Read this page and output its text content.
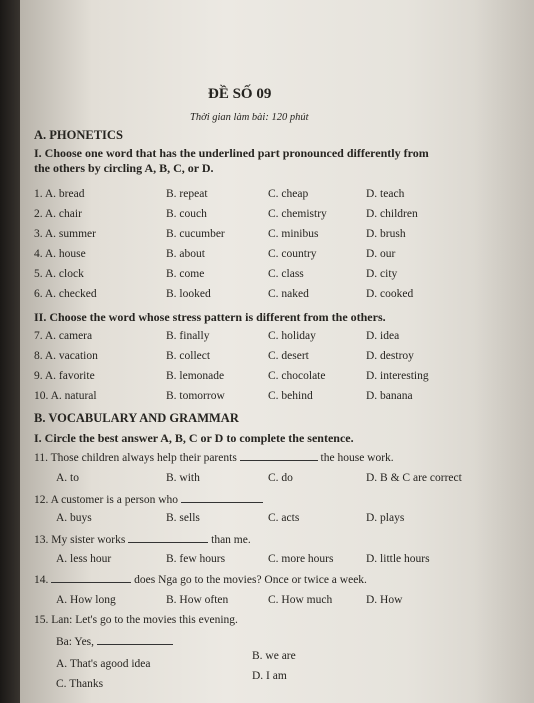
ĐỀ SỐ 09
Thời gian làm bài: 120 phút
A. PHONETICS
I. Choose one word that has the underlined part pronounced differently from
the others by circling A, B, C, or D.
1. A. bread	B. repeat	C. cheap	D. teach
2. A. chair	B. couch	C. chemistry	D. children
3. A. summer	B. cucumber	C. minibus	D. brush
4. A. house	B. about	C. country	D. our
5. A. clock	B. come	C. class	D. city
6. A. checked	B. looked	C. naked	D. cooked
II. Choose the word whose stress pattern is different from the others.
7. A. camera	B. finally	C. holiday	D. idea
8. A. vacation	B. collect	C. desert	D. destroy
9. A. favorite	B. lemonade	C. chocolate	D. interesting
10. A. natural	B. tomorrow	C. behind	D. banana
B. VOCABULARY AND GRAMMAR
I. Circle the best answer A, B, C or D to complete the sentence.
11. Those children always help their parents	the house work.
A. to	B. with	C. do	D. B & C are correct
12. A customer is a person who
A. buys	B. sells	C. acts	D. plays
13. My sister works	than me.
A. less hour	B. few hours	C. more hours	D. little hours
14.	does Nga go to the movies? Once or twice a week.
A. How long	B. How often	C. How much	D. How
15. Lan: Let's go to the movies this evening.
Ba: Yes,
A. That's agood idea
B. we are
C. Thanks
D. I am
